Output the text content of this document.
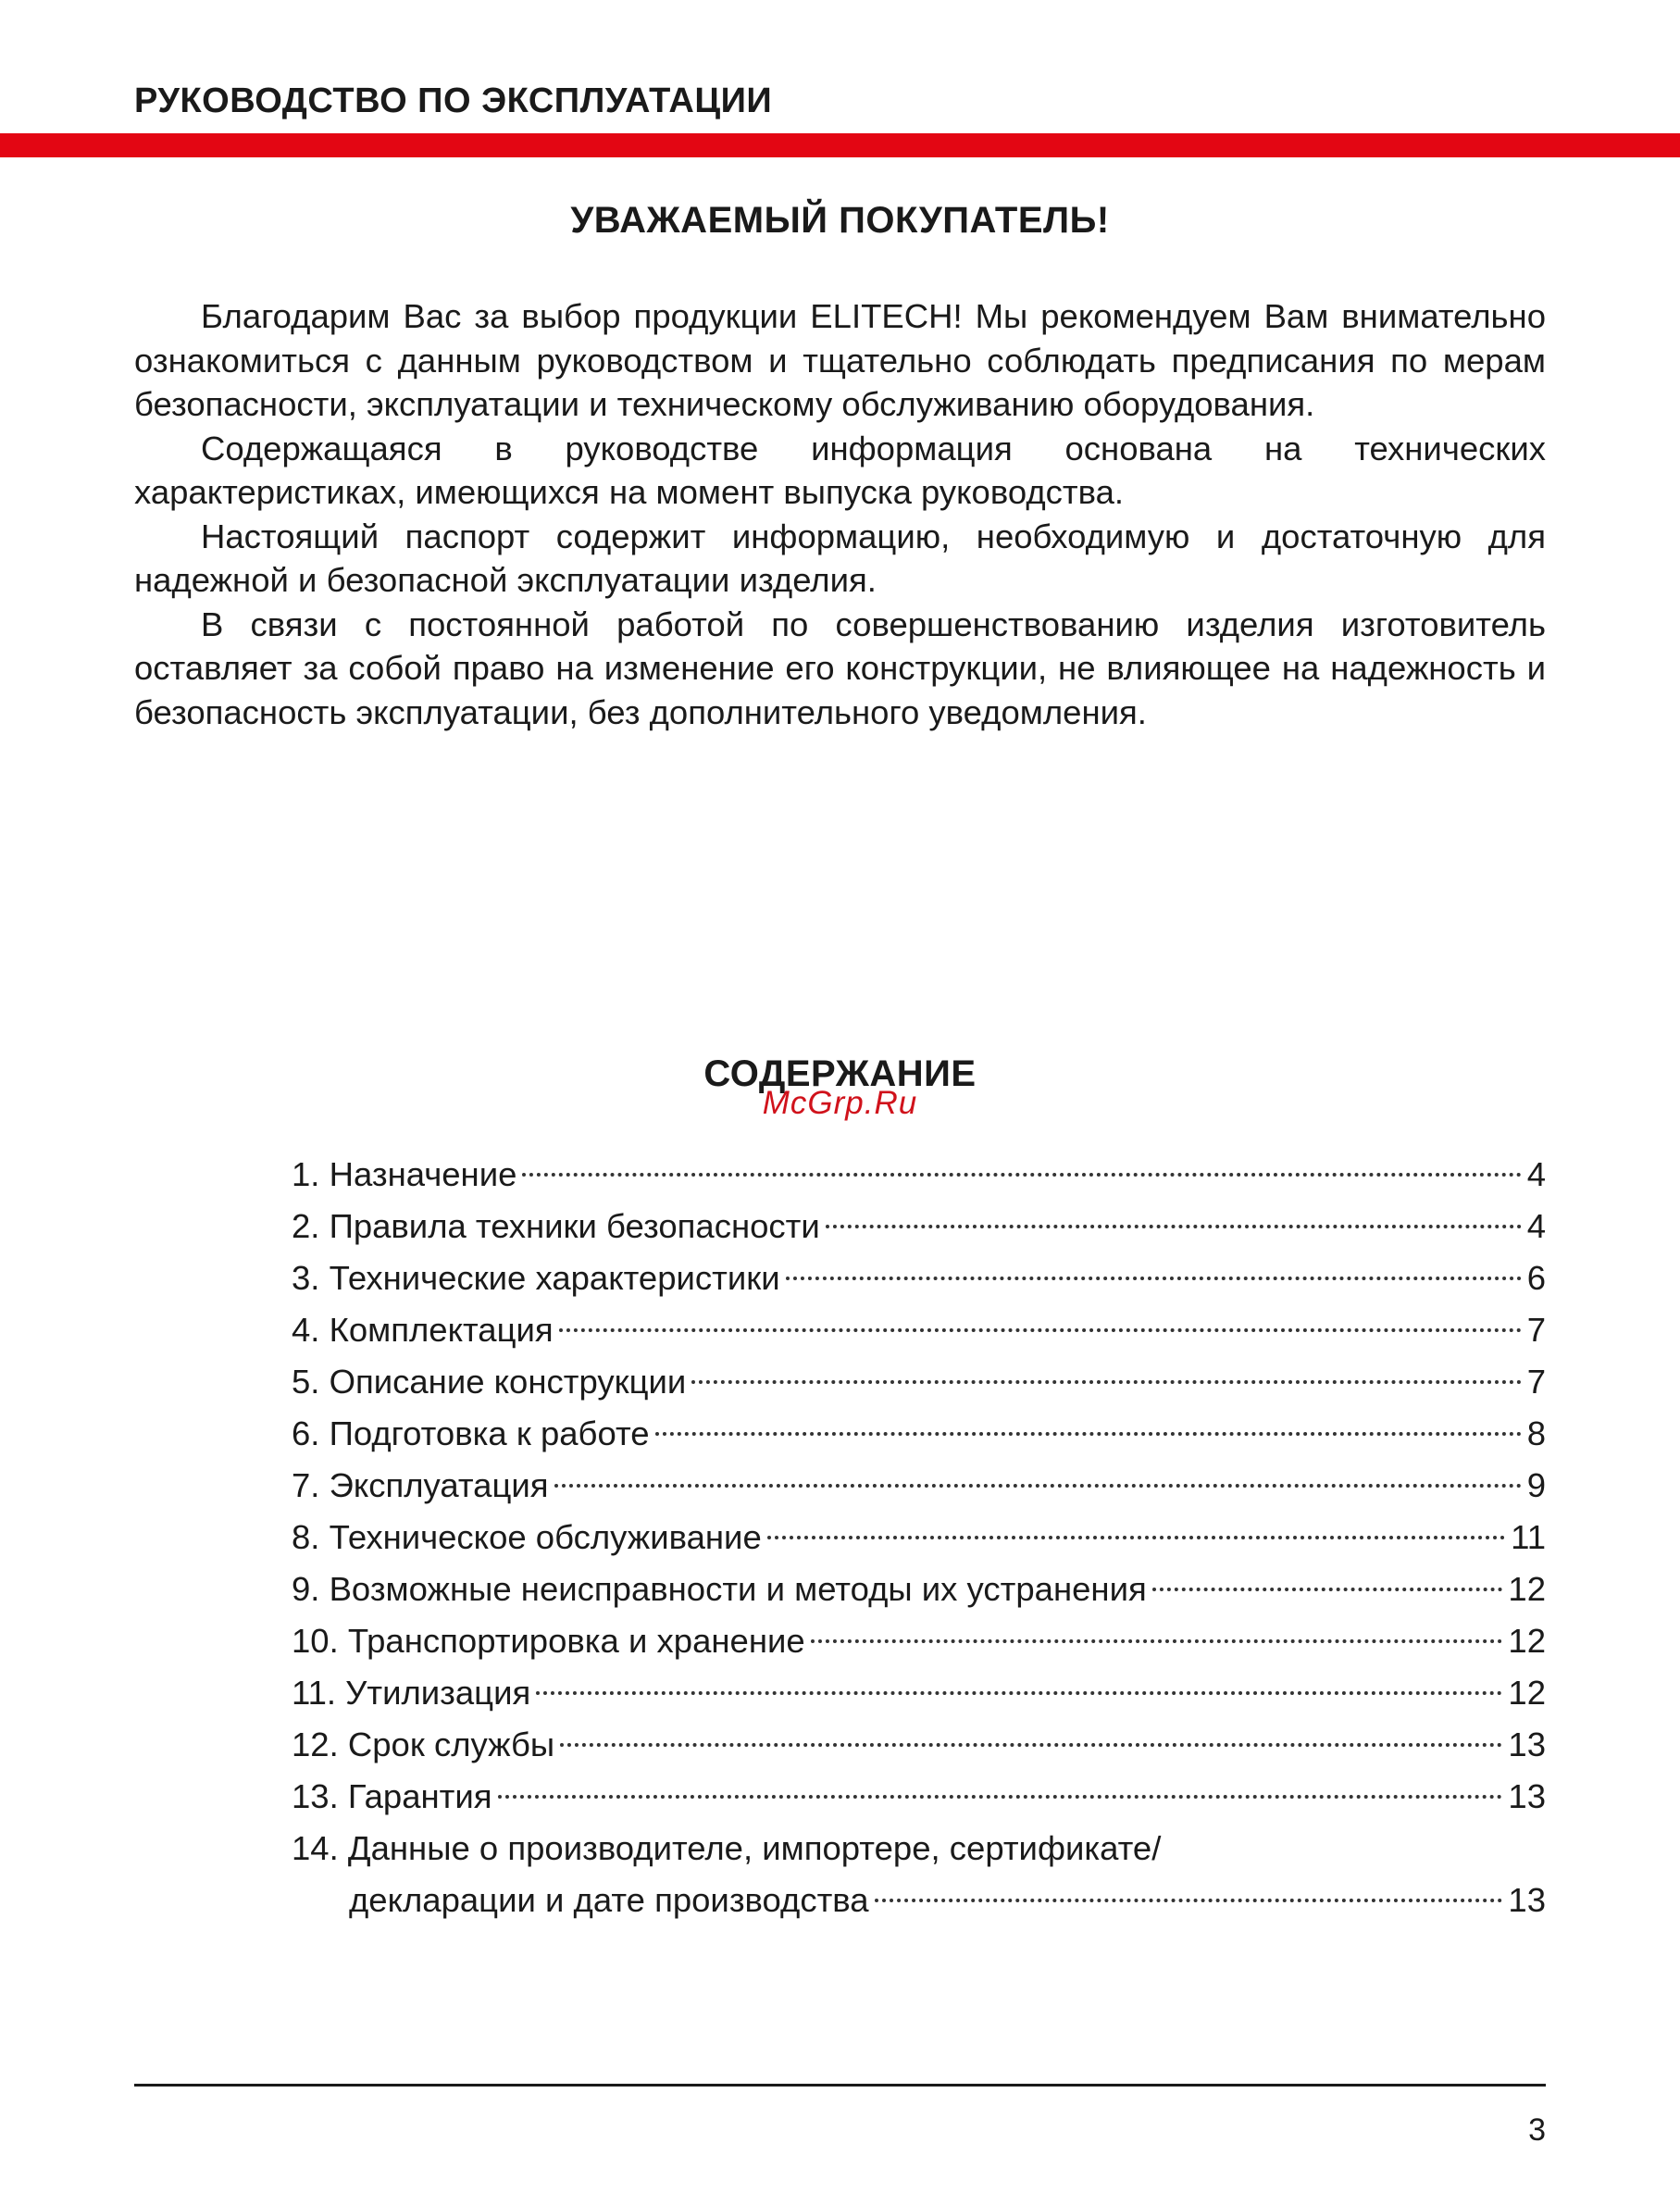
РУКОВОДСТВО ПО ЭКСПЛУАТАЦИИ
УВАЖАЕМЫЙ ПОКУПАТЕЛЬ!

Благодарим Вас за выбор продукции ELITECH! Мы рекомендуем Вам внимательно ознакомиться с данным руководством и тщательно соблюдать предписания по мерам безопасности, эксплуатации и техническому обслуживанию оборудования.

Содержащаяся в руководстве информация основана на технических характеристиках, имеющихся на момент выпуска руководства.

Настоящий паспорт содержит информацию, необходимую и достаточную для надежной и безопасной эксплуатации изделия.

В связи с постоянной работой по совершенствованию изделия изготовитель оставляет за собой право на изменение его конструкции, не влияющее на надежность и безопасность эксплуатации, без дополнительного уведомления.

СОДЕРЖАНИЕ
McGrp.Ru
1. Назначение	4
2. Правила техники безопасности	4
3. Технические характеристики	6
4. Комплектация	7
5. Описание конструкции	7
6. Подготовка к работе	8
7. Эксплуатация	9
8. Техническое обслуживание	11
9. Возможные неисправности и методы их устранения	12
10. Транспортировка и хранение	12
11. Утилизация	12
12. Срок службы	13
13. Гарантия	13
14. Данные о производителе, импортере, сертификате/
декларации и дате производства	13
3
